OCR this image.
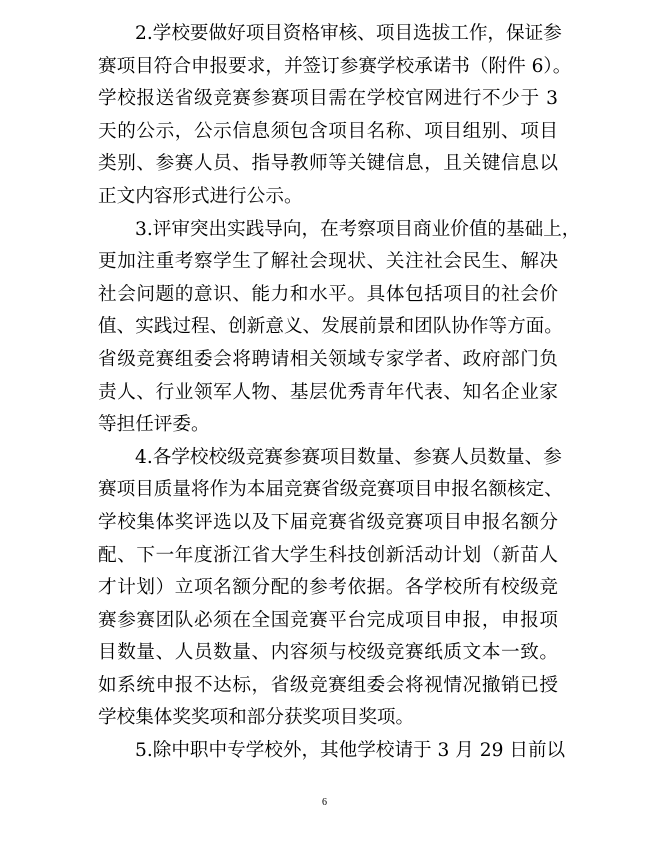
2.学校要做好项目资格审核、项目选拔工作，保证参
赛项目符合申报要求，并签订参赛学校承诺书（附件 6）。
学校报送省级竞赛参赛项目需在学校官网进行不少于 3
天的公示，公示信息须包含项目名称、项目组别、项目
类别、参赛人员、指导教师等关键信息，且关键信息以
正文内容形式进行公示。
3.评审突出实践导向，在考察项目商业价值的基础上，
更加注重考察学生了解社会现状、关注社会民生、解决
社会问题的意识、能力和水平。具体包括项目的社会价
值、实践过程、创新意义、发展前景和团队协作等方面。
省级竞赛组委会将聘请相关领域专家学者、政府部门负
责人、行业领军人物、基层优秀青年代表、知名企业家
等担任评委。
4.各学校校级竞赛参赛项目数量、参赛人员数量、参
赛项目质量将作为本届竞赛省级竞赛项目申报名额核定、
学校集体奖评选以及下届竞赛省级竞赛项目申报名额分
配、下一年度浙江省大学生科技创新活动计划（新苗人
才计划）立项名额分配的参考依据。各学校所有校级竞
赛参赛团队必须在全国竞赛平台完成项目申报，申报项
目数量、人员数量、内容须与校级竞赛纸质文本一致。
如系统申报不达标，省级竞赛组委会将视情况撤销已授
学校集体奖奖项和部分获奖项目奖项。
5.除中职中专学校外，其他学校请于 3 月 29 日前以
6
